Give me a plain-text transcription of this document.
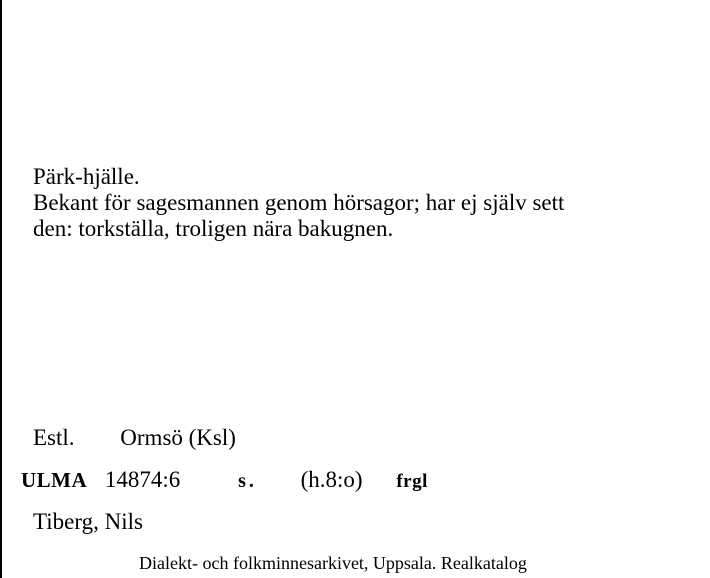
Pärk-hjälle.
Bekant för sagesmannen genom hörsagor; har ej själv sett
den: torkställa, troligen nära bakugnen.
Estl. Ormsö (Ksl)
ULMA 14874:6	s. (h.8:o) frgl
Tiberg, Nils
Dialekt- och folkminnesarkivet, Uppsala. Realkatalog
